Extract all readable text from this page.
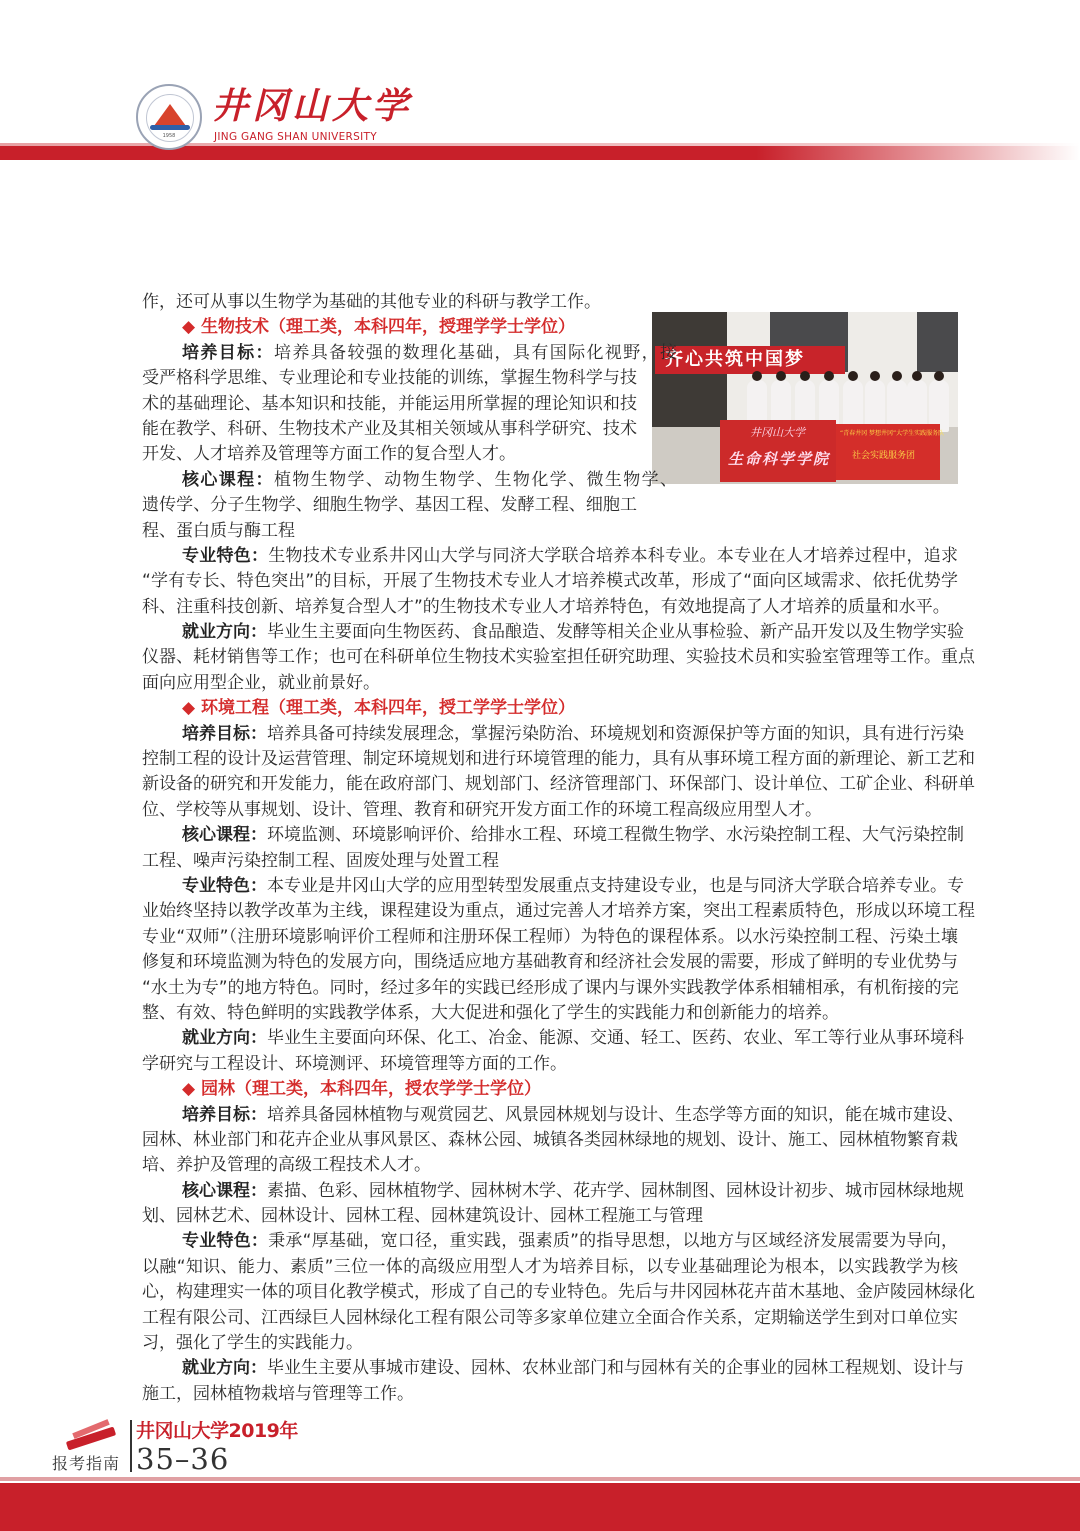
1958
井冈山大学
JING GANG SHAN UNIVERSITY
齐心共筑中国梦
井冈山大学
生命科学学院
“青春井冈 梦想井冈”大学生实践服务队
社会实践服务团
作，还可从事以生物学为基础的其他专业的科研与教学工作。
◆ 生物技术（理工类，本科四年，授理学学士学位）
培养目标：培养具备较强的数理化基础，具有国际化视野，接
受严格科学思维、专业理论和专业技能的训练，掌握生物科学与技
术的基础理论、基本知识和技能，并能运用所掌握的理论知识和技
能在教学、科研、生物技术产业及其相关领域从事科学研究、技术
开发、人才培养及管理等方面工作的复合型人才。
核心课程：植物生物学、动物生物学、生物化学、微生物学、
遗传学、分子生物学、细胞生物学、基因工程、发酵工程、细胞工
程、蛋白质与酶工程
专业特色：生物技术专业系井冈山大学与同济大学联合培养本科专业。本专业在人才培养过程中，追求
“学有专长、特色突出”的目标，开展了生物技术专业人才培养模式改革，形成了“面向区域需求、依托优势学
科、注重科技创新、培养复合型人才”的生物技术专业人才培养特色，有效地提高了人才培养的质量和水平。
就业方向：毕业生主要面向生物医药、食品酿造、发酵等相关企业从事检验、新产品开发以及生物学实验
仪器、耗材销售等工作；也可在科研单位生物技术实验室担任研究助理、实验技术员和实验室管理等工作。重点
面向应用型企业，就业前景好。
◆ 环境工程（理工类，本科四年，授工学学士学位）
培养目标：培养具备可持续发展理念，掌握污染防治、环境规划和资源保护等方面的知识，具有进行污染
控制工程的设计及运营管理、制定环境规划和进行环境管理的能力，具有从事环境工程方面的新理论、新工艺和
新设备的研究和开发能力，能在政府部门、规划部门、经济管理部门、环保部门、设计单位、工矿企业、科研单
位、学校等从事规划、设计、管理、教育和研究开发方面工作的环境工程高级应用型人才。
核心课程：环境监测、环境影响评价、给排水工程、环境工程微生物学、水污染控制工程、大气污染控制
工程、噪声污染控制工程、固废处理与处置工程
专业特色：本专业是井冈山大学的应用型转型发展重点支持建设专业，也是与同济大学联合培养专业。专
业始终坚持以教学改革为主线，课程建设为重点，通过完善人才培养方案，突出工程素质特色，形成以环境工程
专业“双师”（注册环境影响评价工程师和注册环保工程师）为特色的课程体系。以水污染控制工程、污染土壤
修复和环境监测为特色的发展方向，围绕适应地方基础教育和经济社会发展的需要，形成了鲜明的专业优势与
“水土为专”的地方特色。同时，经过多年的实践已经形成了课内与课外实践教学体系相辅相承，有机衔接的完
整、有效、特色鲜明的实践教学体系，大大促进和强化了学生的实践能力和创新能力的培养。
就业方向：毕业生主要面向环保、化工、冶金、能源、交通、轻工、医药、农业、军工等行业从事环境科
学研究与工程设计、环境测评、环境管理等方面的工作。
◆ 园林（理工类，本科四年，授农学学士学位）
培养目标：培养具备园林植物与观赏园艺、风景园林规划与设计、生态学等方面的知识，能在城市建设、
园林、林业部门和花卉企业从事风景区、森林公园、城镇各类园林绿地的规划、设计、施工、园林植物繁育栽
培、养护及管理的高级工程技术人才。
核心课程：素描、色彩、园林植物学、园林树木学、花卉学、园林制图、园林设计初步、城市园林绿地规
划、园林艺术、园林设计、园林工程、园林建筑设计、园林工程施工与管理
专业特色：秉承“厚基础，宽口径，重实践，强素质”的指导思想，以地方与区域经济发展需要为导向，
以融“知识、能力、素质”三位一体的高级应用型人才为培养目标，以专业基础理论为根本，以实践教学为核
心，构建理实一体的项目化教学模式，形成了自己的专业特色。先后与井冈园林花卉苗木基地、金庐陵园林绿化
工程有限公司、江西绿巨人园林绿化工程有限公司等多家单位建立全面合作关系，定期输送学生到对口单位实
习，强化了学生的实践能力。
就业方向：毕业生主要从事城市建设、园林、农林业部门和与园林有关的企事业的园林工程规划、设计与
施工，园林植物栽培与管理等工作。
井冈山大学2019年
报考指南 35–36
